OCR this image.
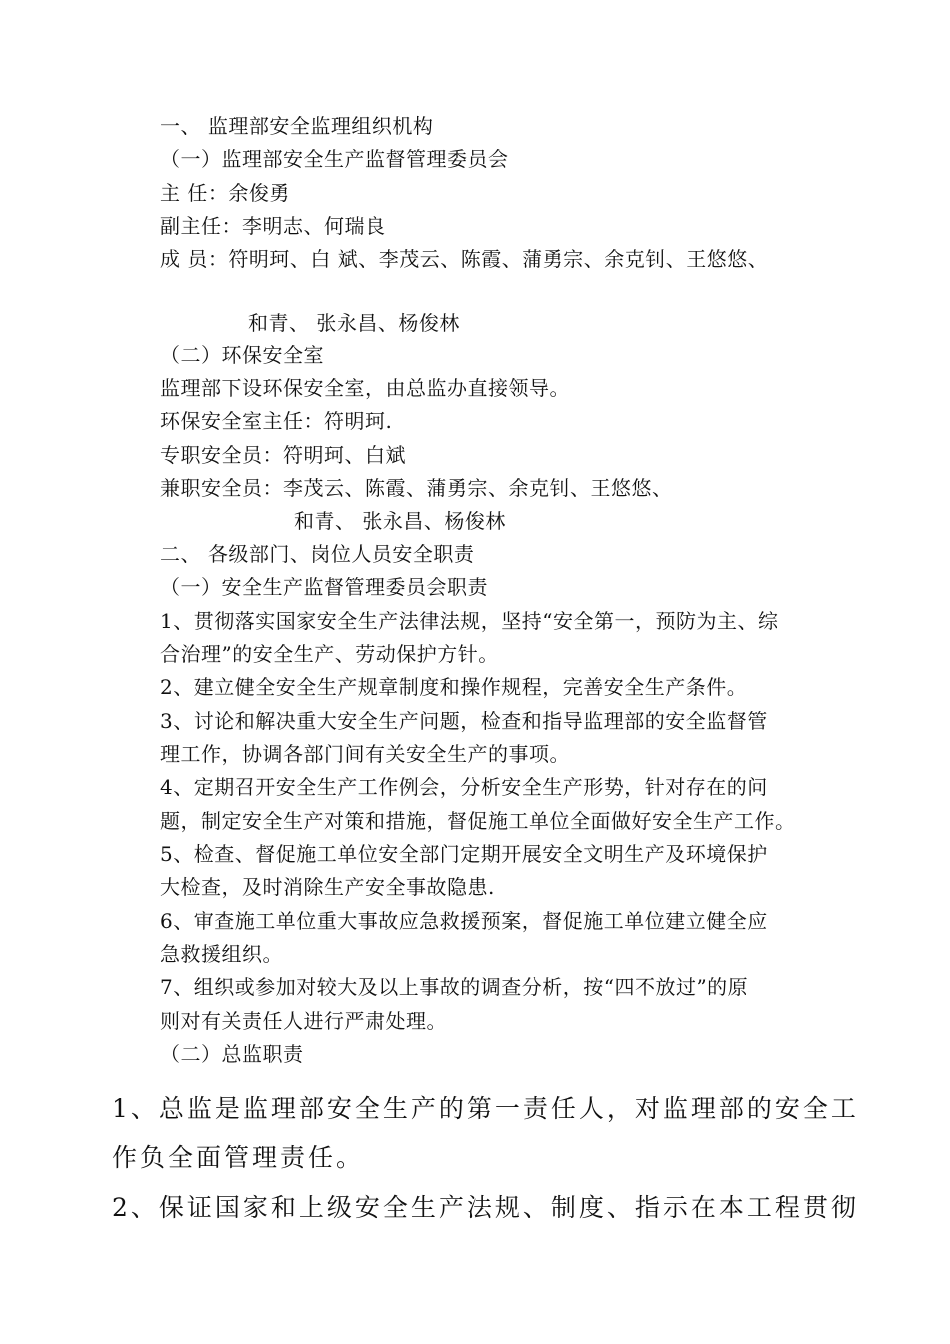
一、 监理部安全监理组织机构
（一）监理部安全生产监督管理委员会
主 任：余俊勇
副主任：李明志、何瑞良
成 员：符明珂、白 斌、李茂云、陈霞、蒲勇宗、余克钊、王悠悠、
和青、 张永昌、杨俊林
（二）环保安全室
监理部下设环保安全室，由总监办直接领导。
环保安全室主任：符明珂.
专职安全员：符明珂、白斌
兼职安全员：李茂云、陈霞、蒲勇宗、余克钊、王悠悠、
和青、 张永昌、杨俊林
二、 各级部门、岗位人员安全职责
（一）安全生产监督管理委员会职责
1、贯彻落实国家安全生产法律法规，坚持“安全第一，预防为主、综
合治理”的安全生产、劳动保护方针。
2、建立健全安全生产规章制度和操作规程，完善安全生产条件。
3、讨论和解决重大安全生产问题，检查和指导监理部的安全监督管
理工作，协调各部门间有关安全生产的事项。
4、定期召开安全生产工作例会，分析安全生产形势，针对存在的问
题，制定安全生产对策和措施，督促施工单位全面做好安全生产工作。
5、检查、督促施工单位安全部门定期开展安全文明生产及环境保护
大检查，及时消除生产安全事故隐患.
6、审查施工单位重大事故应急救援预案，督促施工单位建立健全应
急救援组织。
7、组织或参加对较大及以上事故的调查分析，按“四不放过”的原
则对有关责任人进行严肃处理。
（二）总监职责
1、总监是监理部安全生产的第一责任人，对监理部的安全工
作负全面管理责任。
2、保证国家和上级安全生产法规、制度、指示在本工程贯彻
